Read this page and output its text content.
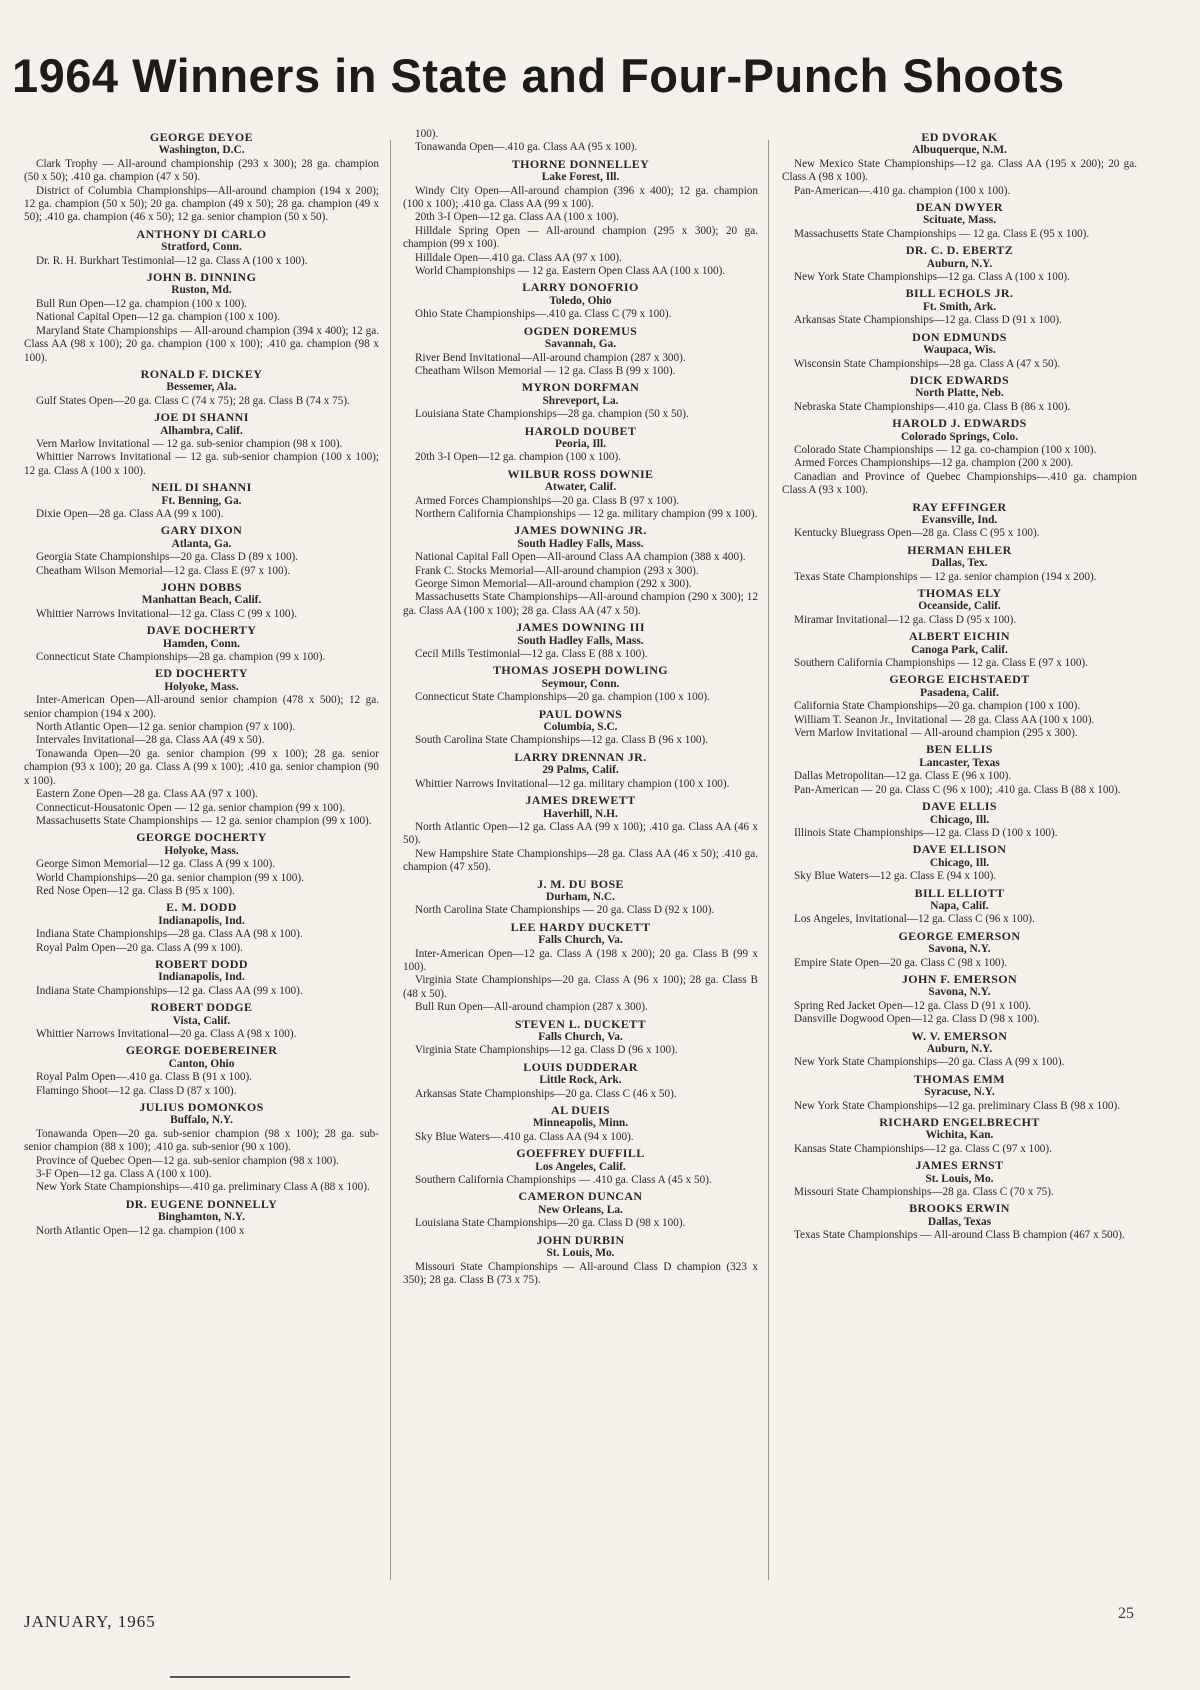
1964 Winners in State and Four-Punch Shoots
GEORGE DEYOE
Washington, D.C.

Clark Trophy — All-around championship (293 x 300); 28 ga. champion (50 x 50); .410 ga. champion (47 x 50).

District of Columbia Championships—All-around champion (194 x 200); 12 ga. champion (50 x 50); 20 ga. champion (49 x 50); 28 ga. champion (49 x 50); .410 ga. champion (46 x 50); 12 ga. senior champion (50 x 50).

ANTHONY DI CARLO
Stratford, Conn.

Dr. R. H. Burkhart Testimonial—12 ga. Class A (100 x 100).

JOHN B. DINNING
Ruston, Md.

Bull Run Open—12 ga. champion (100 x 100).

National Capital Open—12 ga. champion (100 x 100).

Maryland State Championships — All-around champion (394 x 400); 12 ga. Class AA (98 x 100); 20 ga. champion (100 x 100); .410 ga. champion (98 x 100).

RONALD F. DICKEY
Bessemer, Ala.

Gulf States Open—20 ga. Class C (74 x 75); 28 ga. Class B (74 x 75).

JOE DI SHANNI
Alhambra, Calif.

Vern Marlow Invitational — 12 ga. sub-senior champion (98 x 100).

Whittier Narrows Invitational — 12 ga. sub-senior champion (100 x 100); 12 ga. Class A (100 x 100).

NEIL DI SHANNI
Ft. Benning, Ga.

Dixie Open—28 ga. Class AA (99 x 100).

GARY DIXON
Atlanta, Ga.

Georgia State Championships—20 ga. Class D (89 x 100).

Cheatham Wilson Memorial—12 ga. Class E (97 x 100).

JOHN DOBBS
Manhattan Beach, Calif.

Whittier Narrows Invitational—12 ga. Class C (99 x 100).

DAVE DOCHERTY
Hamden, Conn.

Connecticut State Championships—28 ga. champion (99 x 100).

ED DOCHERTY
Holyoke, Mass.

Inter-American Open—All-around senior champion (478 x 500); 12 ga. senior champion (194 x 200).

North Atlantic Open—12 ga. senior champion (97 x 100).

Intervales Invitational—28 ga. Class AA (49 x 50).

Tonawanda Open—20 ga. senior champion (99 x 100); 28 ga. senior champion (93 x 100); 20 ga. Class A (99 x 100); .410 ga. senior champion (90 x 100).

Eastern Zone Open—28 ga. Class AA (97 x 100).

Connecticut-Housatonic Open — 12 ga. senior champion (99 x 100).

Massachusetts State Championships — 12 ga. senior champion (99 x 100).

GEORGE DOCHERTY
Holyoke, Mass.

George Simon Memorial—12 ga. Class A (99 x 100).

World Championships—20 ga. senior champion (99 x 100).

Red Nose Open—12 ga. Class B (95 x 100).

E. M. DODD
Indianapolis, Ind.

Indiana State Championships—28 ga. Class AA (98 x 100).

Royal Palm Open—20 ga. Class A (99 x 100).

ROBERT DODD
Indianapolis, Ind.

Indiana State Championships—12 ga. Class AA (99 x 100).

ROBERT DODGE
Vista, Calif.

Whittier Narrows Invitational—20 ga. Class A (98 x 100).

GEORGE DOEBEREINER
Canton, Ohio

Royal Palm Open—.410 ga. Class B (91 x 100).

Flamingo Shoot—12 ga. Class D (87 x 100).

JULIUS DOMONKOS
Buffalo, N.Y.

Tonawanda Open—20 ga. sub-senior champion (98 x 100); 28 ga. sub-senior champion (88 x 100); .410 ga. sub-senior (90 x 100).

Province of Quebec Open—12 ga. sub-senior champion (98 x 100).

3-F Open—12 ga. Class A (100 x 100).

New York State Championships—.410 ga. preliminary Class A (88 x 100).

DR. EUGENE DONNELLY
Binghamton, N.Y.

North Atlantic Open—12 ga. champion (100 x

100).

Tonawanda Open—.410 ga. Class AA (95 x 100).

THORNE DONNELLEY
Lake Forest, Ill.

Windy City Open—All-around champion (396 x 400); 12 ga. champion (100 x 100); .410 ga. Class AA (99 x 100).

20th 3-I Open—12 ga. Class AA (100 x 100).

Hilldale Spring Open — All-around champion (295 x 300); 20 ga. champion (99 x 100).

Hilldale Open—.410 ga. Class AA (97 x 100).

World Championships — 12 ga. Eastern Open Class AA (100 x 100).

LARRY DONOFRIO
Toledo, Ohio

Ohio State Championships—.410 ga. Class C (79 x 100).

OGDEN DOREMUS
Savannah, Ga.

River Bend Invitational—All-around champion (287 x 300).

Cheatham Wilson Memorial — 12 ga. Class B (99 x 100).

MYRON DORFMAN
Shreveport, La.

Louisiana State Championships—28 ga. champion (50 x 50).

HAROLD DOUBET
Peoria, Ill.

20th 3-I Open—12 ga. champion (100 x 100).

WILBUR ROSS DOWNIE
Atwater, Calif.

Armed Forces Championships—20 ga. Class B (97 x 100).

Northern California Championships — 12 ga. military champion (99 x 100).

JAMES DOWNING JR.
South Hadley Falls, Mass.

National Capital Fall Open—All-around Class AA champion (388 x 400).

Frank C. Stocks Memorial—All-around champion (293 x 300).

George Simon Memorial—All-around champion (292 x 300).

Massachusetts State Championships—All-around champion (290 x 300); 12 ga. Class AA (100 x 100); 28 ga. Class AA (47 x 50).

JAMES DOWNING III
South Hadley Falls, Mass.

Cecil Mills Testimonial—12 ga. Class E (88 x 100).

THOMAS JOSEPH DOWLING
Seymour, Conn.

Connecticut State Championships—20 ga. champion (100 x 100).

PAUL DOWNS
Columbia, S.C.

South Carolina State Championships—12 ga. Class B (96 x 100).

LARRY DRENNAN JR.
29 Palms, Calif.

Whittier Narrows Invitational—12 ga. military champion (100 x 100).

JAMES DREWETT
Haverhill, N.H.

North Atlantic Open—12 ga. Class AA (99 x 100); .410 ga. Class AA (46 x 50).

New Hampshire State Championships—28 ga. Class AA (46 x 50); .410 ga. champion (47 x50).

J. M. DU BOSE
Durham, N.C.

North Carolina State Championships — 20 ga. Class D (92 x 100).

LEE HARDY DUCKETT
Falls Church, Va.

Inter-American Open—12 ga. Class A (198 x 200); 20 ga. Class B (99 x 100).

Virginia State Championships—20 ga. Class A (96 x 100); 28 ga. Class B (48 x 50).

Bull Run Open—All-around champion (287 x 300).

STEVEN L. DUCKETT
Falls Church, Va.

Virginia State Championships—12 ga. Class D (96 x 100).

LOUIS DUDDERAR
Little Rock, Ark.

Arkansas State Championships—20 ga. Class C (46 x 50).

AL DUEIS
Minneapolis, Minn.

Sky Blue Waters—.410 ga. Class AA (94 x 100).

GOEFFREY DUFFILL
Los Angeles, Calif.

Southern California Championships — .410 ga. Class A (45 x 50).

CAMERON DUNCAN
New Orleans, La.

Louisiana State Championships—20 ga. Class D (98 x 100).

JOHN DURBIN
St. Louis, Mo.

Missouri State Championships — All-around Class D champion (323 x 350); 28 ga. Class B (73 x 75).

ED DVORAK
Albuquerque, N.M.

New Mexico State Championships—12 ga. Class AA (195 x 200); 20 ga. Class A (98 x 100).

Pan-American—.410 ga. champion (100 x 100).

DEAN DWYER
Scituate, Mass.

Massachusetts State Championships — 12 ga. Class E (95 x 100).

DR. C. D. EBERTZ
Auburn, N.Y.

New York State Championships—12 ga. Class A (100 x 100).

BILL ECHOLS JR.
Ft. Smith, Ark.

Arkansas State Championships—12 ga. Class D (91 x 100).

DON EDMUNDS
Waupaca, Wis.

Wisconsin State Championships—28 ga. Class A (47 x 50).

DICK EDWARDS
North Platte, Neb.

Nebraska State Championships—.410 ga. Class B (86 x 100).

HAROLD J. EDWARDS
Colorado Springs, Colo.

Colorado State Championships — 12 ga. co-champion (100 x 100).

Armed Forces Championships—12 ga. champion (200 x 200).

Canadian and Province of Quebec Championships—.410 ga. champion Class A (93 x 100).

RAY EFFINGER
Evansville, Ind.

Kentucky Bluegrass Open—28 ga. Class C (95 x 100).

HERMAN EHLER
Dallas, Tex.

Texas State Championships — 12 ga. senior champion (194 x 200).

THOMAS ELY
Oceanside, Calif.

Miramar Invitational—12 ga. Class D (95 x 100).

ALBERT EICHIN
Canoga Park, Calif.

Southern California Championships — 12 ga. Class E (97 x 100).

GEORGE EICHSTAEDT
Pasadena, Calif.

California State Championships—20 ga. champion (100 x 100).

William T. Seanon Jr., Invitational — 28 ga. Class AA (100 x 100).

Vern Marlow Invitational — All-around champion (295 x 300).

BEN ELLIS
Lancaster, Texas

Dallas Metropolitan—12 ga. Class E (96 x 100).

Pan-American — 20 ga. Class C (96 x 100); .410 ga. Class B (88 x 100).

DAVE ELLIS
Chicago, Ill.

Illinois State Championships—12 ga. Class D (100 x 100).

DAVE ELLISON
Chicago, Ill.

Sky Blue Waters—12 ga. Class E (94 x 100).

BILL ELLIOTT
Napa, Calif.

Los Angeles, Invitational—12 ga. Class C (96 x 100).

GEORGE EMERSON
Savona, N.Y.

Empire State Open—20 ga. Class C (98 x 100).

JOHN F. EMERSON
Savona, N.Y.

Spring Red Jacket Open—12 ga. Class D (91 x 100).

Dansville Dogwood Open—12 ga. Class D (98 x 100).

W. V. EMERSON
Auburn, N.Y.

New York State Championships—20 ga. Class A (99 x 100).

THOMAS EMM
Syracuse, N.Y.

New York State Championships—12 ga. preliminary Class B (98 x 100).

RICHARD ENGELBRECHT
Wichita, Kan.

Kansas State Championships—12 ga. Class C (97 x 100).

JAMES ERNST
St. Louis, Mo.

Missouri State Championships—28 ga. Class C (70 x 75).

BROOKS ERWIN
Dallas, Texas

Texas State Championships — All-around Class B champion (467 x 500).

JANUARY, 1965	25
